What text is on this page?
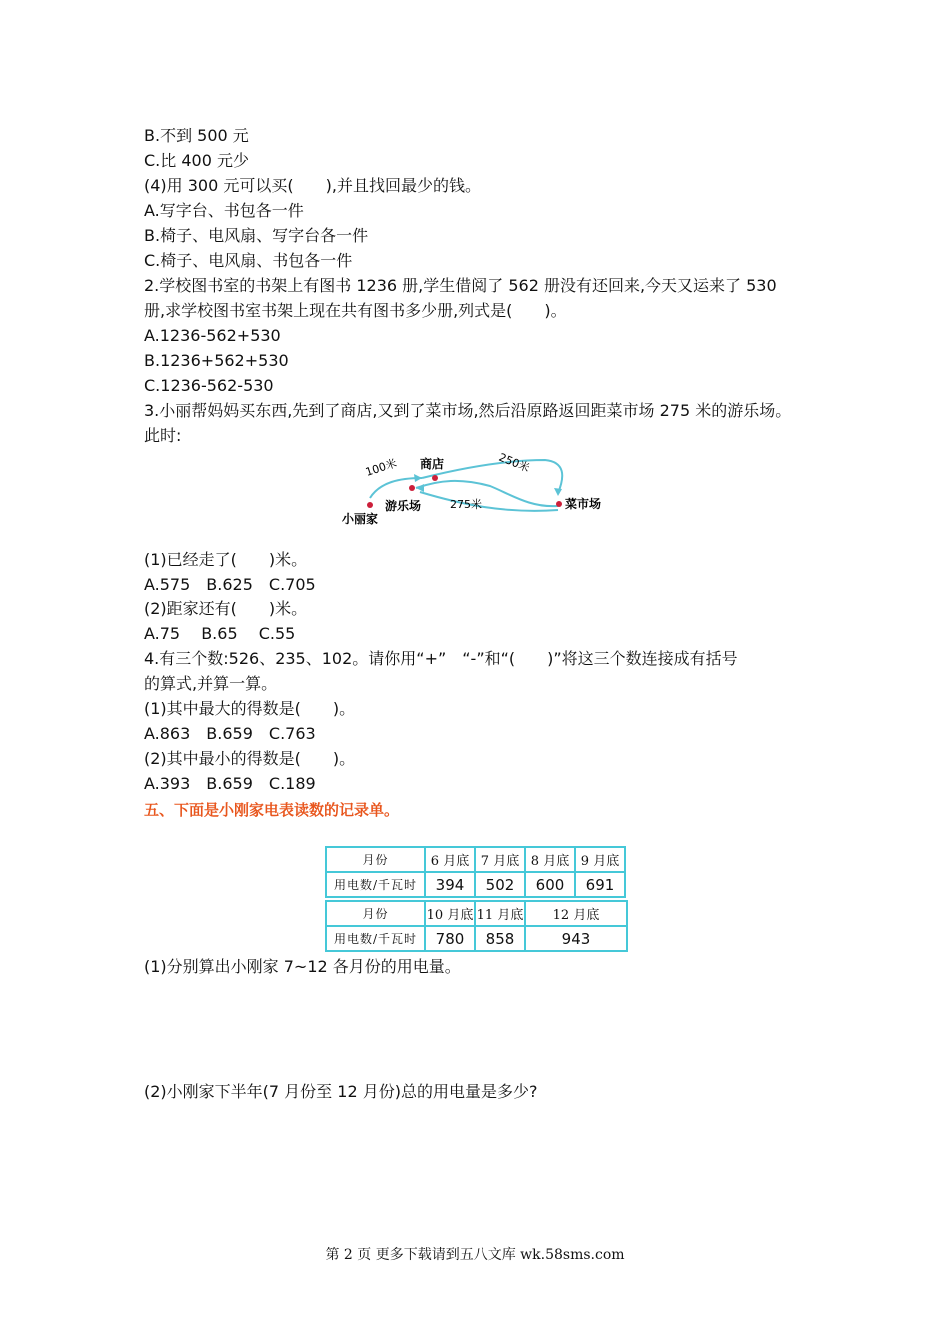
B.不到 500 元
C.比 400 元少
(4)用 300 元可以买(　　),并且找回最少的钱。
A.写字台、书包各一件
B.椅子、电风扇、写字台各一件
C.椅子、电风扇、书包各一件
2.学校图书室的书架上有图书 1236 册,学生借阅了 562 册没有还回来,今天又运来了 530
册,求学校图书室书架上现在共有图书多少册,列式是(　　)。
A.1236-562+530
B.1236+562+530
C.1236-562-530
3.小丽帮妈妈买东西,先到了商店,又到了菜市场,然后沿原路返回距菜市场 275 米的游乐场。
此时:
100米 商店	250米
游乐场	275米	菜市场
小丽家
(1)已经走了(　　)米。
A.575　B.625　C.705
(2)距家还有(　　)米。
A.75　 B.65　 C.55
4.有三个数:526、235、102。请你用“+”　“-”和“(　　)”将这三个数连接成有括号
的算式,并算一算。
(1)其中最大的得数是(　　)。
A.863　B.659　C.763
(2)其中最小的得数是(　　)。
A.393　B.659　C.189
五、下面是小刚家电表读数的记录单。
月份	6 月底	7 月底	8 月底	9 月底
用电数/千瓦时	394	502	600	691
月份	10 月底	11 月底	12 月底
用电数/千瓦时	780	858	943
(1)分别算出小刚家 7~12 各月份的用电量。
(2)小刚家下半年(7 月份至 12 月份)总的用电量是多少?
第 2 页 更多下载请到五八文库 wk.58sms.com
